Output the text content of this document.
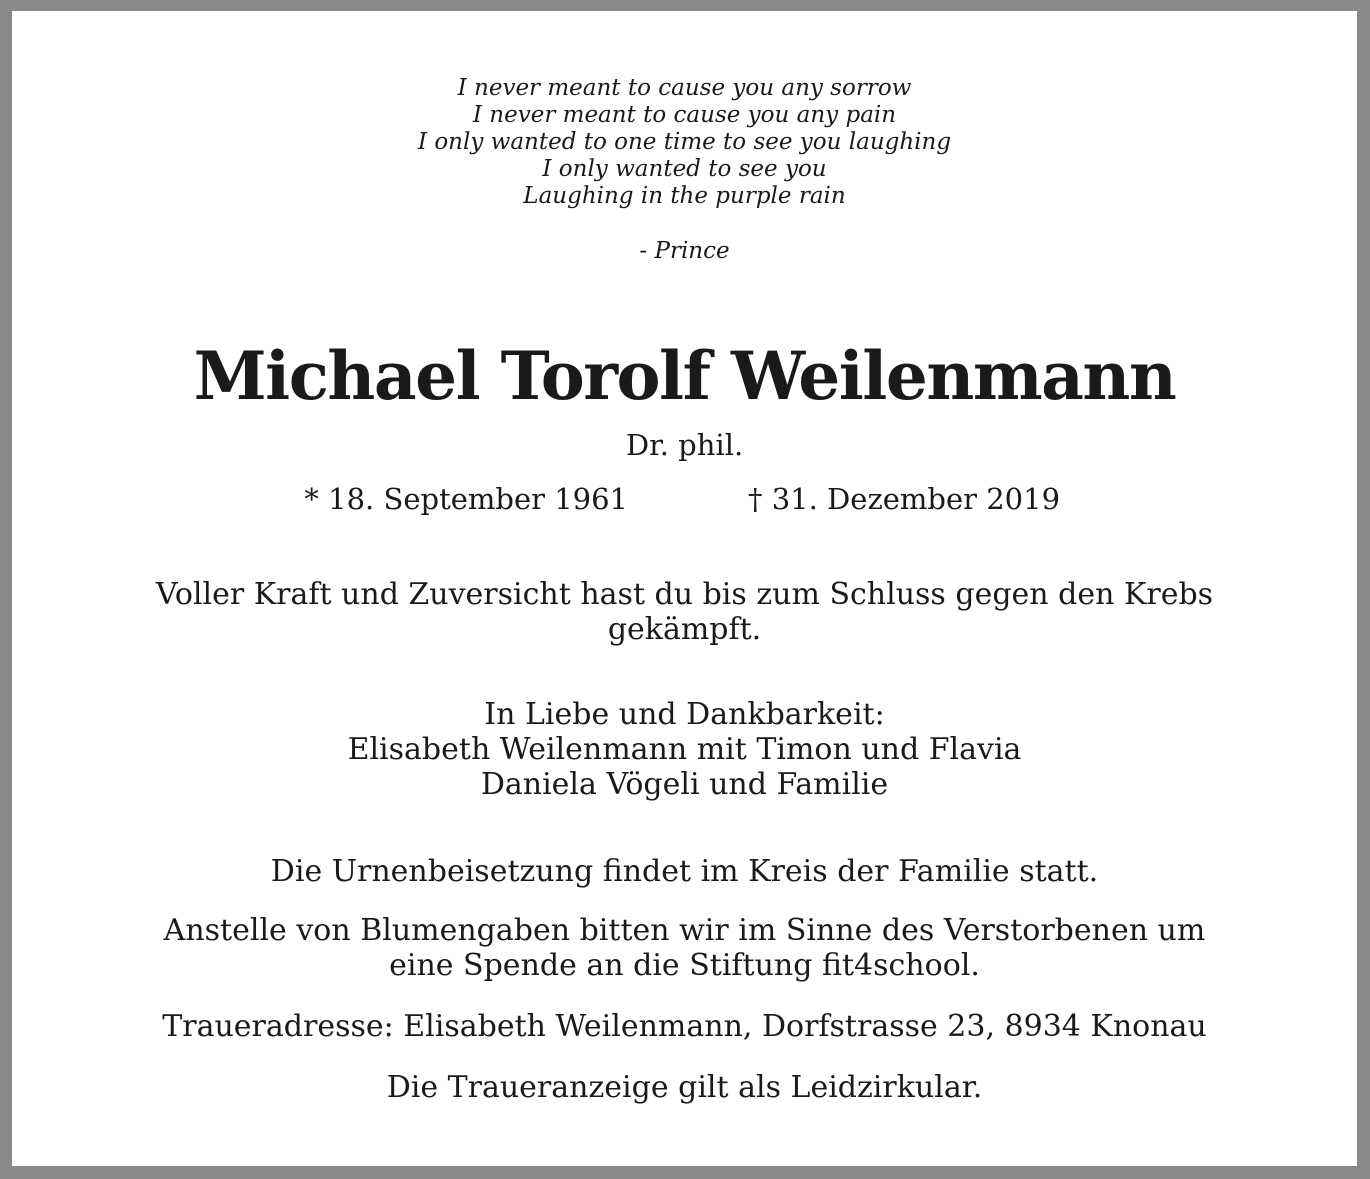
I never meant to cause you any sorrow
I never meant to cause you any pain
I only wanted to one time to see you laughing
I only wanted to see you
Laughing in the purple rain
- Prince
Michael Torolf Weilenmann
Dr. phil.
* 18. September 1961	† 31. Dezember 2019
Voller Kraft und Zuversicht hast du bis zum Schluss gegen den Krebs
gekämpft.
In Liebe und Dankbarkeit:
Elisabeth Weilenmann mit Timon und Flavia
Daniela Vögeli und Familie
Die Urnenbeisetzung findet im Kreis der Familie statt.
Anstelle von Blumengaben bitten wir im Sinne des Verstorbenen um
eine Spende an die Stiftung fit4school.
Traueradresse: Elisabeth Weilenmann, Dorfstrasse 23, 8934 Knonau
Die Traueranzeige gilt als Leidzirkular.
